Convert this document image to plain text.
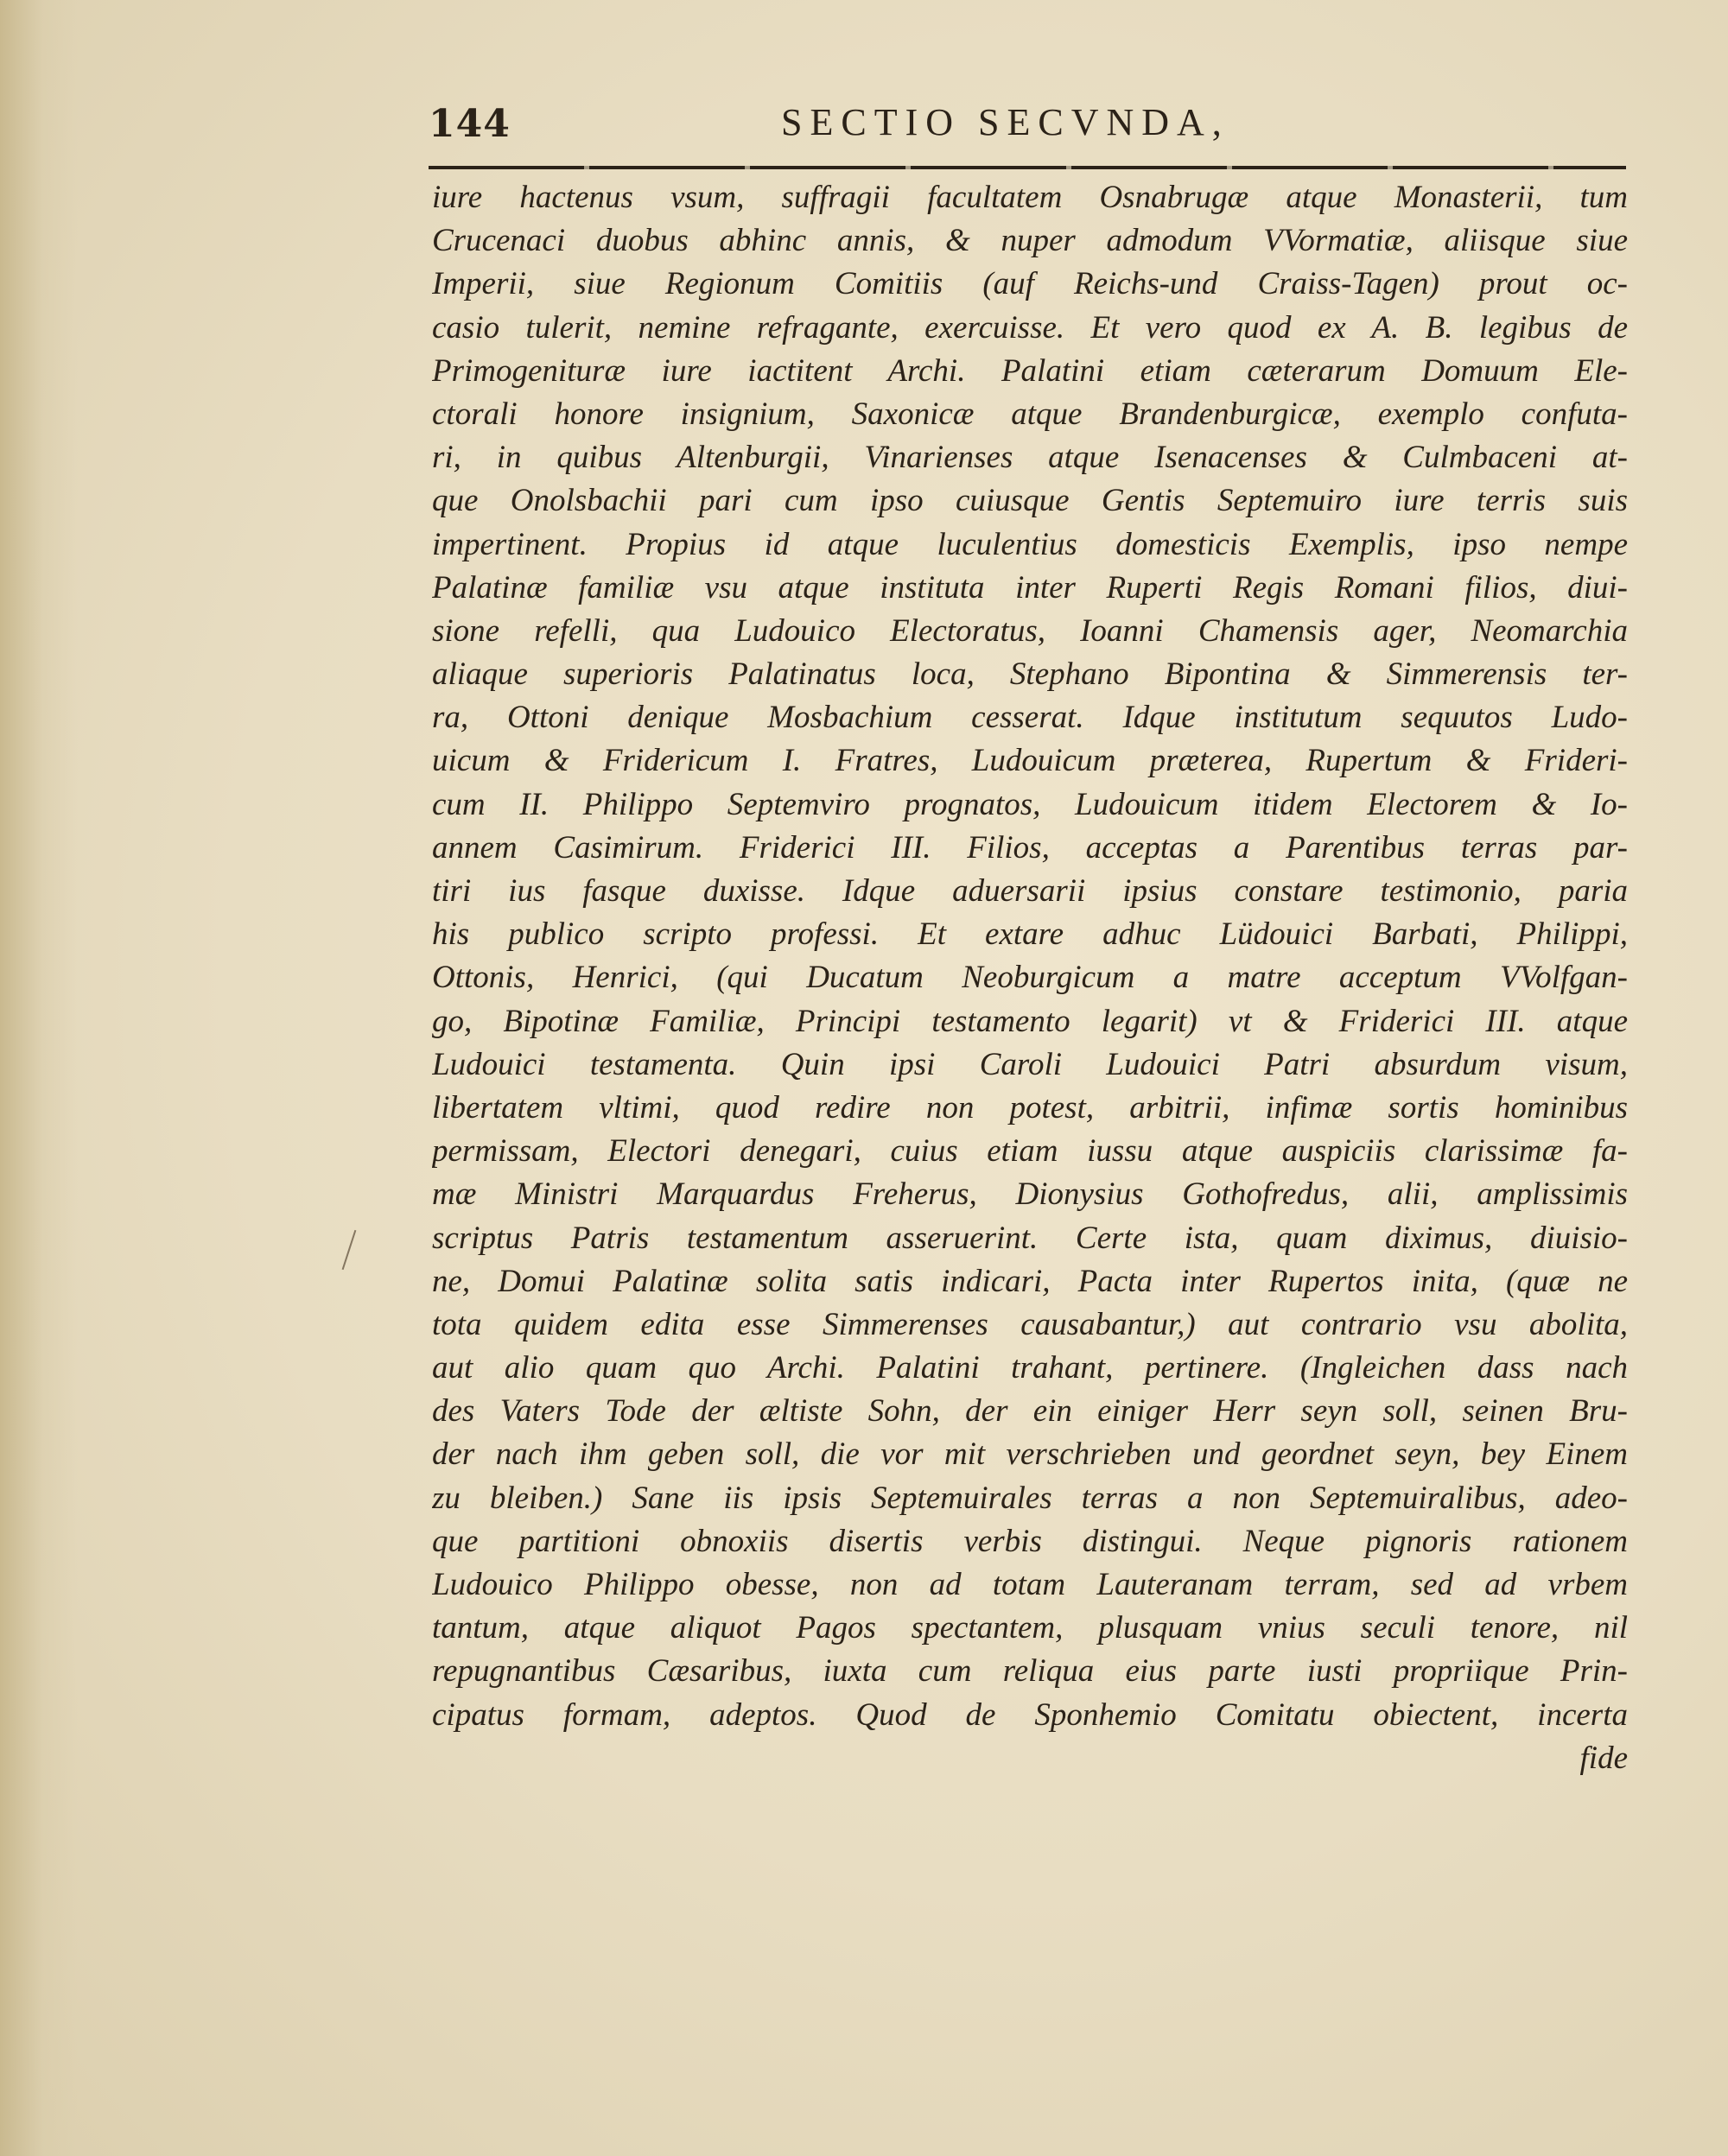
144	SECTIO SECVNDA,
iure hactenus vsum, suffragii facultatem Osnabrugæ atque Monasterii, tum
Crucenaci duobus abhinc annis, & nuper admodum VVormatiæ, aliisque siue
Imperii, siue Regionum Comitiis (auf Reichs-und Craiss-Tagen) prout oc-
casio tulerit, nemine refragante, exercuisse. Et vero quod ex A. B. legibus de
Primogenituræ iure iactitent Archi. Palatini etiam cæterarum Domuum Ele-
ctorali honore insignium, Saxonicæ atque Brandenburgicæ, exemplo confuta-
ri, in quibus Altenburgii, Vinarienses atque Isenacenses & Culmbaceni at-
que Onolsbachii pari cum ipso cuiusque Gentis Septemuiro iure terris suis
impertinent. Propius id atque luculentius domesticis Exemplis, ipso nempe
Palatinæ familiæ vsu atque instituta inter Ruperti Regis Romani filios, diui-
sione refelli, qua Ludouico Electoratus, Ioanni Chamensis ager, Neomarchia
aliaque superioris Palatinatus loca, Stephano Bipontina & Simmerensis ter-
ra, Ottoni denique Mosbachium cesserat. Idque institutum sequutos Ludo-
uicum & Fridericum I. Fratres, Ludouicum præterea, Rupertum & Frideri-
cum II. Philippo Septemviro prognatos, Ludouicum itidem Electorem & Io-
annem Casimirum. Friderici III. Filios, acceptas a Parentibus terras par-
tiri ius fasque duxisse. Idque aduersarii ipsius constare testimonio, paria
his publico scripto professi. Et extare adhuc Lüdouici Barbati, Philippi,
Ottonis, Henrici, (qui Ducatum Neoburgicum a matre acceptum VVolfgan-
go, Bipotinæ Familiæ, Principi testamento legarit) vt & Friderici III. atque
Ludouici testamenta. Quin ipsi Caroli Ludouici Patri absurdum visum,
libertatem vltimi, quod redire non potest, arbitrii, infimæ sortis hominibus
permissam, Electori denegari, cuius etiam iussu atque auspiciis clarissimæ fa-
mæ Ministri Marquardus Freherus, Dionysius Gothofredus, alii, amplissimis
scriptus Patris testamentum asseruerint. Certe ista, quam diximus, diuisio-
ne, Domui Palatinæ solita satis indicari, Pacta inter Rupertos inita, (quæ ne
tota quidem edita esse Simmerenses causabantur,) aut contrario vsu abolita,
aut alio quam quo Archi. Palatini trahant, pertinere. (Ingleichen dass nach
des Vaters Tode der æltiste Sohn, der ein einiger Herr seyn soll, seinen Bru-
der nach ihm geben soll, die vor mit verschrieben und geordnet seyn, bey Einem
zu bleiben.) Sane iis ipsis Septemuirales terras a non Septemuiralibus, adeo-
que partitioni obnoxiis disertis verbis distingui. Neque pignoris rationem
Ludouico Philippo obesse, non ad totam Lauteranam terram, sed ad vrbem
tantum, atque aliquot Pagos spectantem, plusquam vnius seculi tenore, nil
repugnantibus Cæsaribus, iuxta cum reliqua eius parte iusti propriique Prin-
cipatus formam, adeptos. Quod de Sponhemio Comitatu obiectent, incerta
fide
